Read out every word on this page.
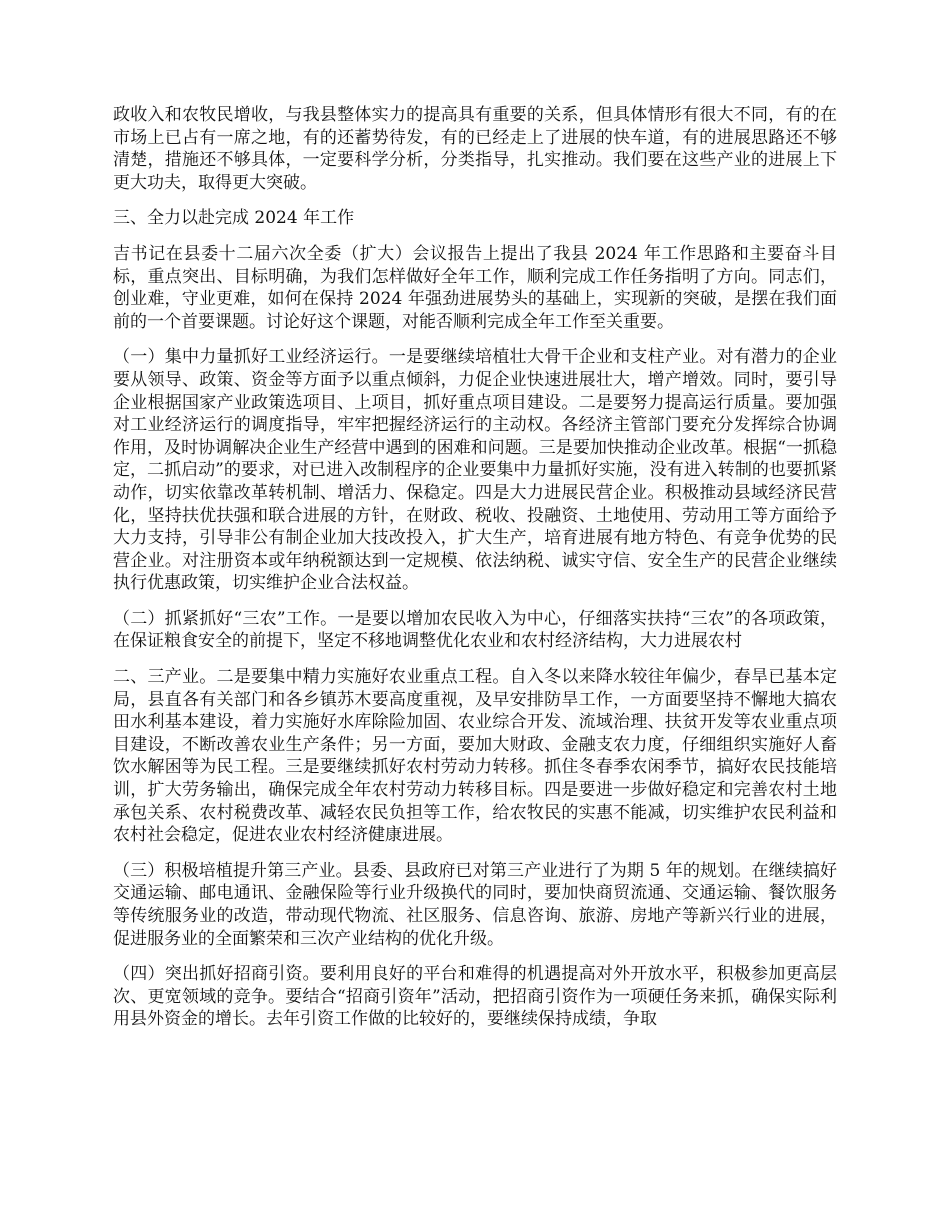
政收入和农牧民增收，与我县整体实力的提高具有重要的关系，但具体情形有很大不同，有的在市场上已占有一席之地，有的还蓄势待发，有的已经走上了进展的快车道，有的进展思路还不够清楚，措施还不够具体，一定要科学分析，分类指导，扎实推动。我们要在这些产业的进展上下更大功夫，取得更大突破。

三、全力以赴完成 2024 年工作

吉书记在县委十二届六次全委（扩大）会议报告上提出了我县 2024 年工作思路和主要奋斗目标，重点突出、目标明确，为我们怎样做好全年工作，顺利完成工作任务指明了方向。同志们，创业难，守业更难，如何在保持 2024 年强劲进展势头的基础上，实现新的突破，是摆在我们面前的一个首要课题。讨论好这个课题，对能否顺利完成全年工作至关重要。

（一）集中力量抓好工业经济运行。一是要继续培植壮大骨干企业和支柱产业。对有潜力的企业要从领导、政策、资金等方面予以重点倾斜，力促企业快速进展壮大，增产增效。同时，要引导企业根据国家产业政策选项目、上项目，抓好重点项目建设。二是要努力提高运行质量。要加强对工业经济运行的调度指导，牢牢把握经济运行的主动权。各经济主管部门要充分发挥综合协调作用，及时协调解决企业生产经营中遇到的困难和问题。三是要加快推动企业改革。根据“一抓稳定，二抓启动”的要求，对已进入改制程序的企业要集中力量抓好实施，没有进入转制的也要抓紧动作，切实依靠改革转机制、增活力、保稳定。四是大力进展民营企业。积极推动县域经济民营化，坚持扶优扶强和联合进展的方针，在财政、税收、投融资、土地使用、劳动用工等方面给予大力支持，引导非公有制企业加大技改投入，扩大生产，培育进展有地方特色、有竞争优势的民营企业。对注册资本或年纳税额达到一定规模、依法纳税、诚实守信、安全生产的民营企业继续执行优惠政策，切实维护企业合法权益。

（二）抓紧抓好“三农”工作。一是要以增加农民收入为中心，仔细落实扶持“三农”的各项政策，在保证粮食安全的前提下，坚定不移地调整优化农业和农村经济结构，大力进展农村

二、三产业。二是要集中精力实施好农业重点工程。自入冬以来降水较往年偏少，春旱已基本定局，县直各有关部门和各乡镇苏木要高度重视，及早安排防旱工作，一方面要坚持不懈地大搞农田水利基本建设，着力实施好水库除险加固、农业综合开发、流域治理、扶贫开发等农业重点项目建设，不断改善农业生产条件；另一方面，要加大财政、金融支农力度，仔细组织实施好人畜饮水解困等为民工程。三是要继续抓好农村劳动力转移。抓住冬春季农闲季节，搞好农民技能培训，扩大劳务输出，确保完成全年农村劳动力转移目标。四是要进一步做好稳定和完善农村土地承包关系、农村税费改革、减轻农民负担等工作，给农牧民的实惠不能减，切实维护农民利益和农村社会稳定，促进农业农村经济健康进展。

（三）积极培植提升第三产业。县委、县政府已对第三产业进行了为期 5 年的规划。在继续搞好交通运输、邮电通讯、金融保险等行业升级换代的同时，要加快商贸流通、交通运输、餐饮服务等传统服务业的改造，带动现代物流、社区服务、信息咨询、旅游、房地产等新兴行业的进展，促进服务业的全面繁荣和三次产业结构的优化升级。

（四）突出抓好招商引资。要利用良好的平台和难得的机遇提高对外开放水平，积极参加更高层次、更宽领域的竞争。要结合“招商引资年”活动，把招商引资作为一项硬任务来抓，确保实际利用县外资金的增长。去年引资工作做的比较好的，要继续保持成绩，争取
